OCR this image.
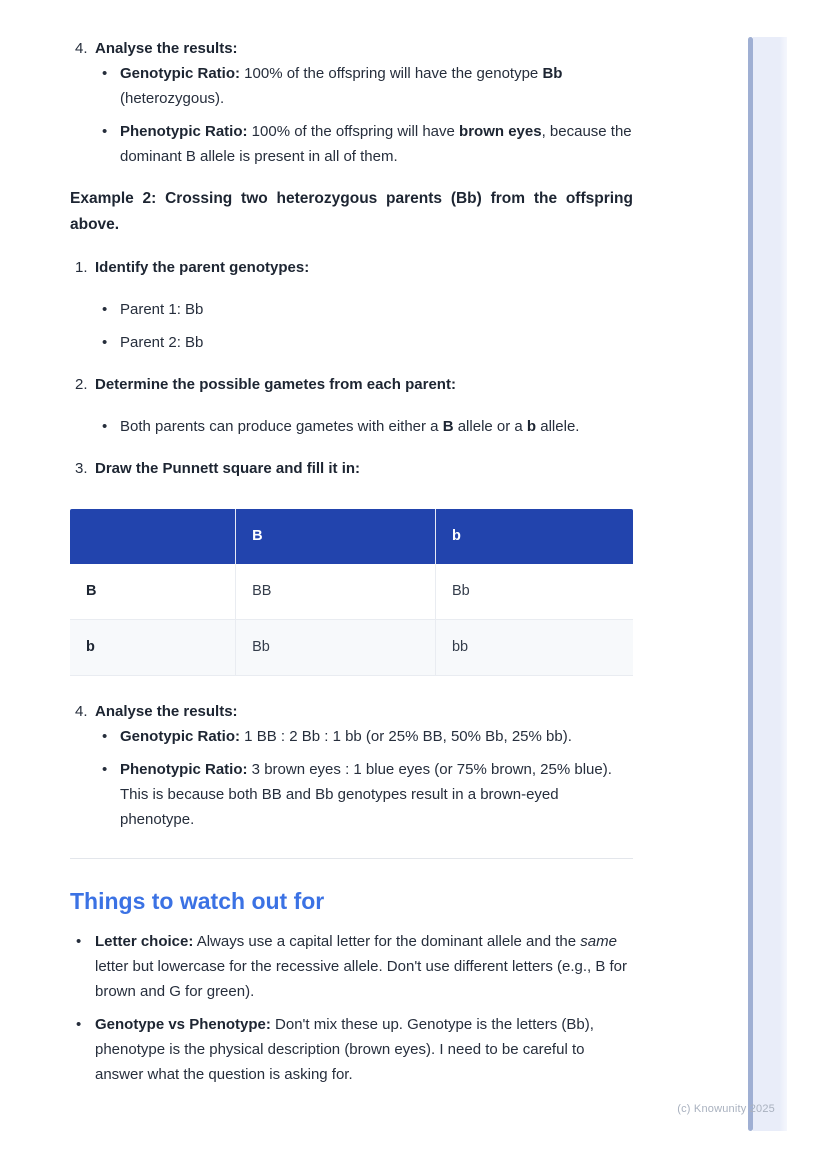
4. Analyse the results:
• Genotypic Ratio: 100% of the offspring will have the genotype Bb (heterozygous).
• Phenotypic Ratio: 100% of the offspring will have brown eyes, because the dominant B allele is present in all of them.

Example 2: Crossing two heterozygous parents (Bb) from the offspring above.

1. Identify the parent genotypes:
• Parent 1: Bb
• Parent 2: Bb
2. Determine the possible gametes from each parent:
• Both parents can produce gametes with either a B allele or a b allele.
3. Draw the Punnett square and fill it in:
	B	b
B	BB	Bb
b	Bb	bb
4. Analyse the results:
• Genotypic Ratio: 1 BB : 2 Bb : 1 bb (or 25% BB, 50% Bb, 25% bb).
• Phenotypic Ratio: 3 brown eyes : 1 blue eyes (or 75% brown, 25% blue). This is because both BB and Bb genotypes result in a brown-eyed phenotype.
Things to watch out for
• Letter choice: Always use a capital letter for the dominant allele and the same letter but lowercase for the recessive allele. Don't use different letters (e.g., B for brown and G for green).
• Genotype vs Phenotype: Don't mix these up. Genotype is the letters (Bb), phenotype is the physical description (brown eyes). I need to be careful to answer what the question is asking for.
(c) Knowunity 2025
